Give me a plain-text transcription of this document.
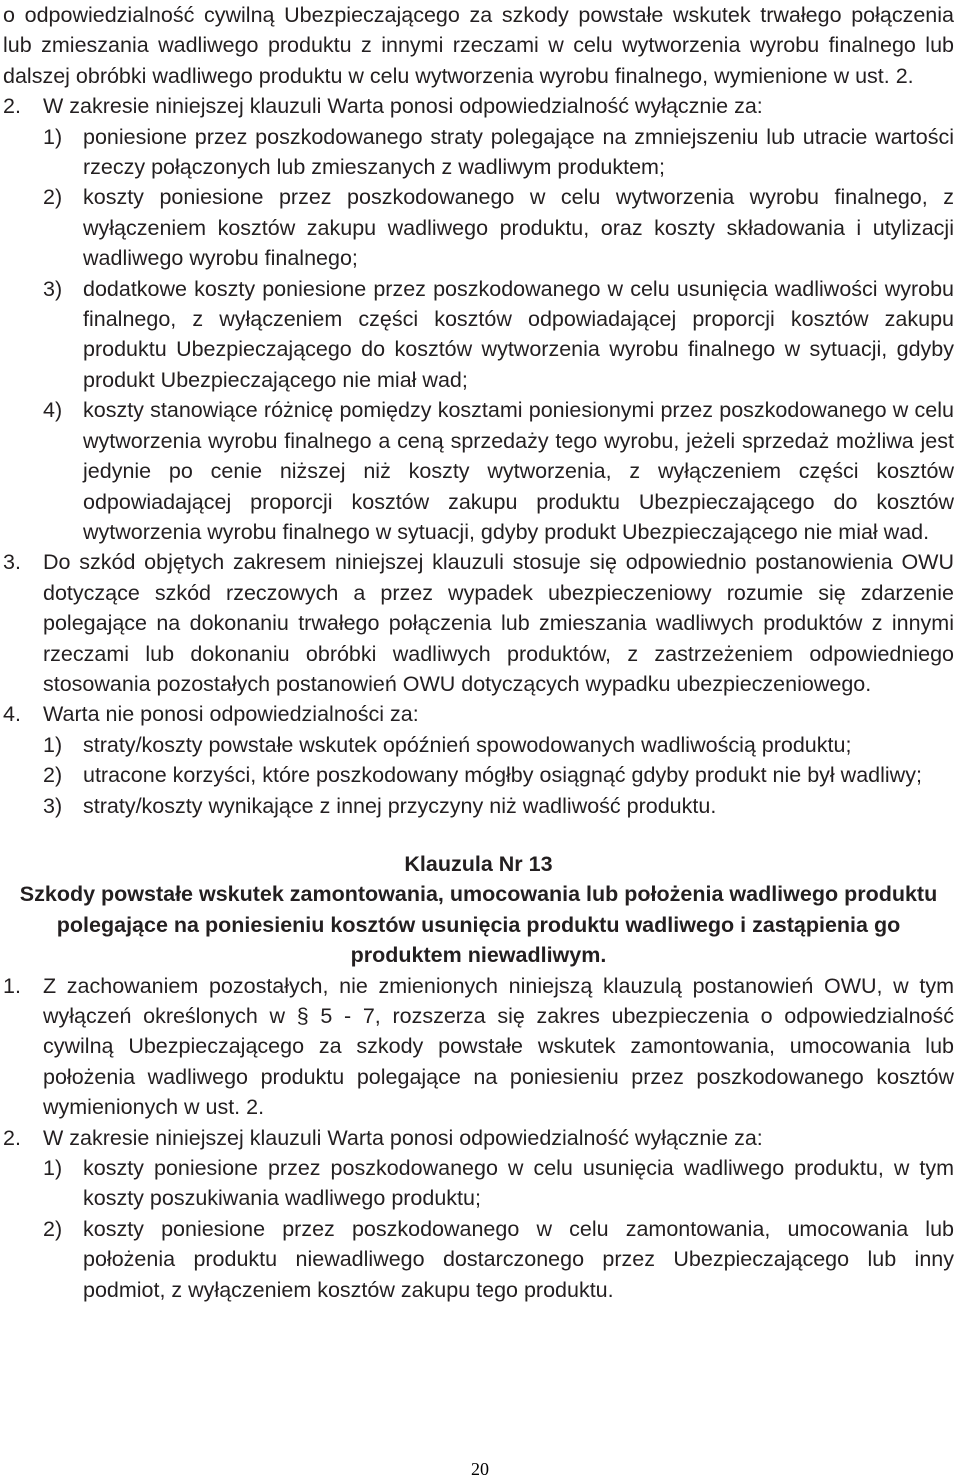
o odpowiedzialność cywilną Ubezpieczającego za szkody powstałe wskutek trwałego połączenia lub zmieszania wadliwego produktu z innymi rzeczami w celu wytworzenia wyrobu finalnego lub dalszej obróbki wadliwego produktu w celu wytworzenia wyrobu finalnego, wymienione w ust. 2.

2.	W zakresie niniejszej klauzuli Warta ponosi odpowiedzialność wyłącznie za:
1) poniesione przez poszkodowanego straty polegające na zmniejszeniu lub utracie wartości rzeczy połączonych lub zmieszanych z wadliwym produktem;
2) koszty poniesione przez poszkodowanego w celu wytworzenia wyrobu finalnego, z wyłączeniem kosztów zakupu wadliwego produktu, oraz koszty składowania i utylizacji wadliwego wyrobu finalnego;
3) dodatkowe koszty poniesione przez poszkodowanego w celu usunięcia wadliwości wyrobu finalnego, z wyłączeniem części kosztów odpowiadającej proporcji kosztów zakupu produktu Ubezpieczającego do kosztów wytworzenia wyrobu finalnego w sytuacji, gdyby produkt Ubezpieczającego nie miał wad;
4) koszty stanowiące różnicę pomiędzy kosztami poniesionymi przez poszkodowanego w celu wytworzenia wyrobu finalnego a ceną sprzedaży tego wyrobu, jeżeli sprzedaż możliwa jest jedynie po cenie niższej niż koszty wytworzenia, z wyłączeniem części kosztów odpowiadającej proporcji kosztów zakupu produktu Ubezpieczającego do kosztów wytworzenia wyrobu finalnego w sytuacji, gdyby produkt Ubezpieczającego nie miał wad.
3.	Do szkód objętych zakresem niniejszej klauzuli stosuje się odpowiednio postanowienia OWU dotyczące szkód rzeczowych a przez wypadek ubezpieczeniowy rozumie się zdarzenie polegające na dokonaniu trwałego połączenia lub zmieszania wadliwych produktów z innymi rzeczami lub dokonaniu obróbki wadliwych produktów, z zastrzeżeniem odpowiedniego stosowania pozostałych postanowień OWU dotyczących wypadku ubezpieczeniowego.
4.	Warta nie ponosi odpowiedzialności za:
1) straty/koszty powstałe wskutek opóźnień spowodowanych wadliwością produktu;
2) utracone korzyści, które poszkodowany mógłby osiągnąć gdyby produkt nie był wadliwy;
3) straty/koszty wynikające z innej przyczyny niż wadliwość produktu.

Klauzula Nr 13

Szkody powstałe wskutek zamontowania, umocowania lub położenia wadliwego produktu polegające na poniesieniu kosztów usunięcia produktu wadliwego i zastąpienia go produktem niewadliwym.

1.	Z zachowaniem pozostałych, nie zmienionych niniejszą klauzulą postanowień OWU, w tym wyłączeń określonych w § 5 - 7, rozszerza się zakres ubezpieczenia o odpowiedzialność cywilną Ubezpieczającego za szkody powstałe wskutek zamontowania, umocowania lub położenia wadliwego produktu polegające na poniesieniu przez poszkodowanego kosztów wymienionych w ust. 2.
2.	W zakresie niniejszej klauzuli Warta ponosi odpowiedzialność wyłącznie za:
1) koszty poniesione przez poszkodowanego w celu usunięcia wadliwego produktu, w tym koszty poszukiwania wadliwego produktu;
2) koszty poniesione przez poszkodowanego w celu zamontowania, umocowania lub położenia produktu niewadliwego dostarczonego przez Ubezpieczającego lub inny podmiot, z wyłączeniem kosztów zakupu tego produktu.
20
